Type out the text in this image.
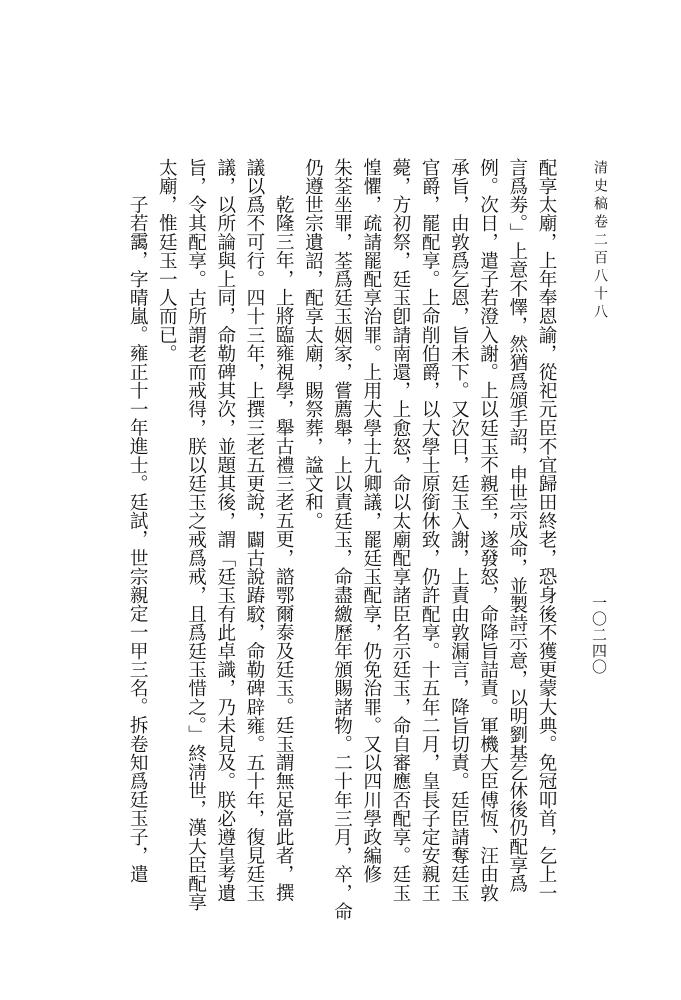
清史稿卷二百八十八
一〇二四〇
配享太廟，上年奉恩諭，從祀元臣不宜歸田終老，恐身後不獲更蒙大典。免冠叩首，乞上一
言爲劵。」上意不懌，然猶爲頒手詔，申世宗成命，並製詩示意，以明劉基乞休後仍配享爲
例。次日，遣子若澄入謝。上以廷玉不親至，遂發怒，命降旨詰責。軍機大臣傅恆、汪由敦
承旨，由敦爲乞恩，旨未下。又次日，廷玉入謝，上責由敦漏言，降旨切責。廷臣請奪廷玉
官爵，罷配享。上命削伯爵，以大學士原銜休致，仍許配享。十五年二月，皇長子定安親王
薨，方初祭，廷玉卽請南還，上愈怒，命以太廟配享諸臣名示廷玉，命自審應否配享。廷玉
惶懼，疏請罷配享治罪。上用大學士九卿議，罷廷玉配享，仍免治罪。又以四川學政編修
朱荃坐罪，荃爲廷玉姻家，嘗薦舉，上以責廷玉，命盡繳歷年頒賜諸物。二十年三月，卒，命
仍遵世宗遺詔，配享太廟，賜祭葬，諡文和。
乾隆三年，上將臨雍視學，舉古禮三老五更，諮鄂爾泰及廷玉。廷玉謂無足當此者，撰
議以爲不可行。四十三年，上撰三老五更說，闢古說踳駮，命勒碑辟雍。五十年，復見廷玉
議，以所論與上同，命勒碑其次，並題其後，謂「廷玉有此卓識，乃未見及。朕必遵皇考遺
旨，令其配享。古所謂老而戒得，朕以廷玉之戒爲戒，且爲廷玉惜之。」終淸世，漢大臣配享
太廟，惟廷玉一人而已。
子若靄，字晴嵐。雍正十一年進士。廷試，世宗親定一甲三名。拆卷知爲廷玉子，遣
